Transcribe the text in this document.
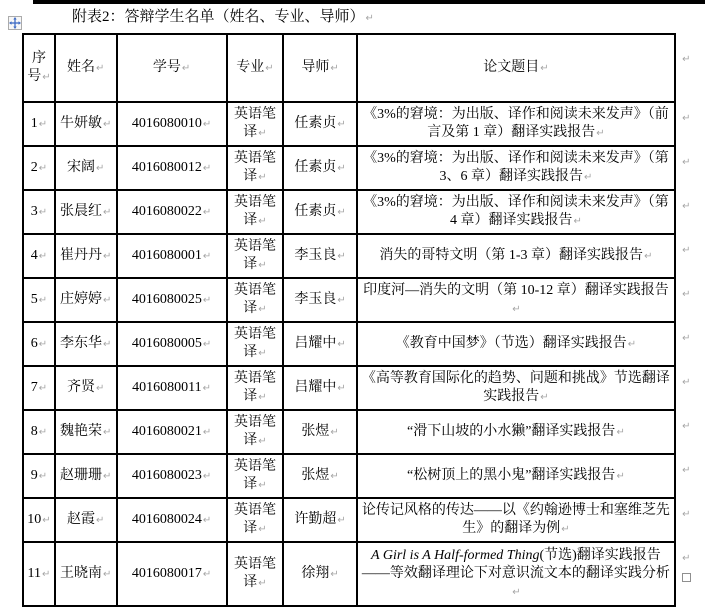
附表2：答辩学生名单（姓名、专业、导师）↵
序号↵	姓名↵	学号↵	专业↵	导师↵	论文题目↵	↵
1↵	牛妍敏↵	4016080010↵	英语笔译↵	任素贞↵	《3%的窘境：为出版、译作和阅读未来发声》（前言及第 1 章）翻译实践报告↵	↵
2↵	宋阔↵	4016080012↵	英语笔译↵	任素贞↵	《3%的窘境：为出版、译作和阅读未来发声》（第 3、6 章）翻译实践报告↵	↵
3↵	张晨红↵	4016080022↵	英语笔译↵	任素贞↵	《3%的窘境：为出版、译作和阅读未来发声》（第 4 章）翻译实践报告↵	↵
4↵	崔丹丹↵	4016080001↵	英语笔译↵	李玉良↵	消失的哥特文明（第 1-3 章）翻译实践报告↵	↵
5↵	庄婷婷↵	4016080025↵	英语笔译↵	李玉良↵	印度河—消失的文明（第 10-12 章）翻译实践报告↵	↵
6↵	李东华↵	4016080005↵	英语笔译↵	吕耀中↵	《教育中国梦》（节选）翻译实践报告↵	↵
7↵	齐贤↵	4016080011↵	英语笔译↵	吕耀中↵	《高等教育国际化的趋势、问题和挑战》节选翻译实践报告↵	↵
8↵	魏艳荣↵	4016080021↵	英语笔译↵	张煜↵	“滑下山坡的小水獭”翻译实践报告↵	↵
9↵	赵珊珊↵	4016080023↵	英语笔译↵	张煜↵	“松树顶上的黑小鬼”翻译实践报告↵	↵
10↵	赵霞↵	4016080024↵	英语笔译↵	许勤超↵	论传记风格的传达——以《约翰逊博士和塞维芝先生》的翻译为例↵	↵
11↵	王晓南↵	4016080017↵	英语笔译↵	徐翔↵	A Girl is A Half-formed Thing(节选)翻译实践报告——等效翻译理论下对意识流文本的翻译实践分析↵	↵
